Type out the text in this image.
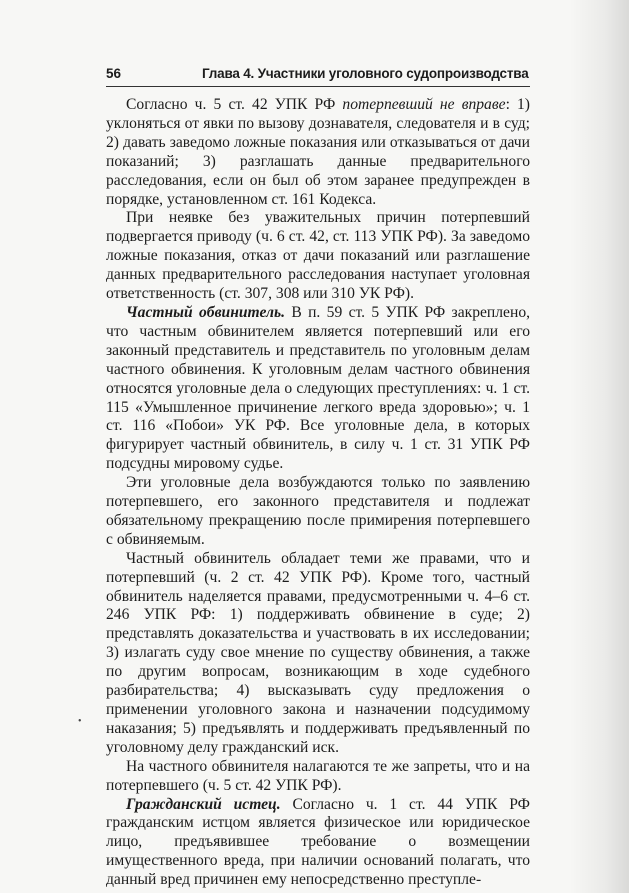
56	Глава 4. Участники уголовного судопроизводства

Согласно ч. 5 ст. 42 УПК РФ потерпевший не вправе: 1) уклоняться от явки по вызову дознавателя, следователя и в суд; 2) давать заведомо ложные показания или отказываться от дачи показаний; 3) разглашать данные предварительного расследования, если он был об этом заранее предупрежден в порядке, установленном ст. 161 Кодекса.

При неявке без уважительных причин потерпевший подвергается приводу (ч. 6 ст. 42, ст. 113 УПК РФ). За заведомо ложные показания, отказ от дачи показаний или разглашение данных предварительного расследования наступает уголовная ответственность (ст. 307, 308 или 310 УК РФ).

Частный обвинитель. В п. 59 ст. 5 УПК РФ закреплено, что частным обвинителем является потерпевший или его законный представитель и представитель по уголовным делам частного обвинения. К уголовным делам частного обвинения относятся уголовные дела о следующих преступлениях: ч. 1 ст. 115 «Умышленное причинение легкого вреда здоровью»; ч. 1 ст. 116 «Побои» УК РФ. Все уголовные дела, в которых фигурирует частный обвинитель, в силу ч. 1 ст. 31 УПК РФ подсудны мировому судье.

Эти уголовные дела возбуждаются только по заявлению потерпевшего, его законного представителя и подлежат обязательному прекращению после примирения потерпевшего с обвиняемым.

Частный обвинитель обладает теми же правами, что и потерпевший (ч. 2 ст. 42 УПК РФ). Кроме того, частный обвинитель наделяется правами, предусмотренными ч. 4–6 ст. 246 УПК РФ: 1) поддерживать обвинение в суде; 2) представлять доказательства и участвовать в их исследовании; 3) излагать суду свое мнение по существу обвинения, а также по другим вопросам, возникающим в ходе судебного разбирательства; 4) высказывать суду предложения о применении уголовного закона и назначении подсудимому наказания; 5) предъявлять и поддерживать предъявленный по уголовному делу гражданский иск.

На частного обвинителя налагаются те же запреты, что и на потерпевшего (ч. 5 ст. 42 УПК РФ).

Гражданский истец. Согласно ч. 1 ст. 44 УПК РФ гражданским истцом является физическое или юридическое лицо, предъявившее требование о возмещении имущественного вреда, при наличии оснований полагать, что данный вред причинен ему непосредственно преступле-

•
